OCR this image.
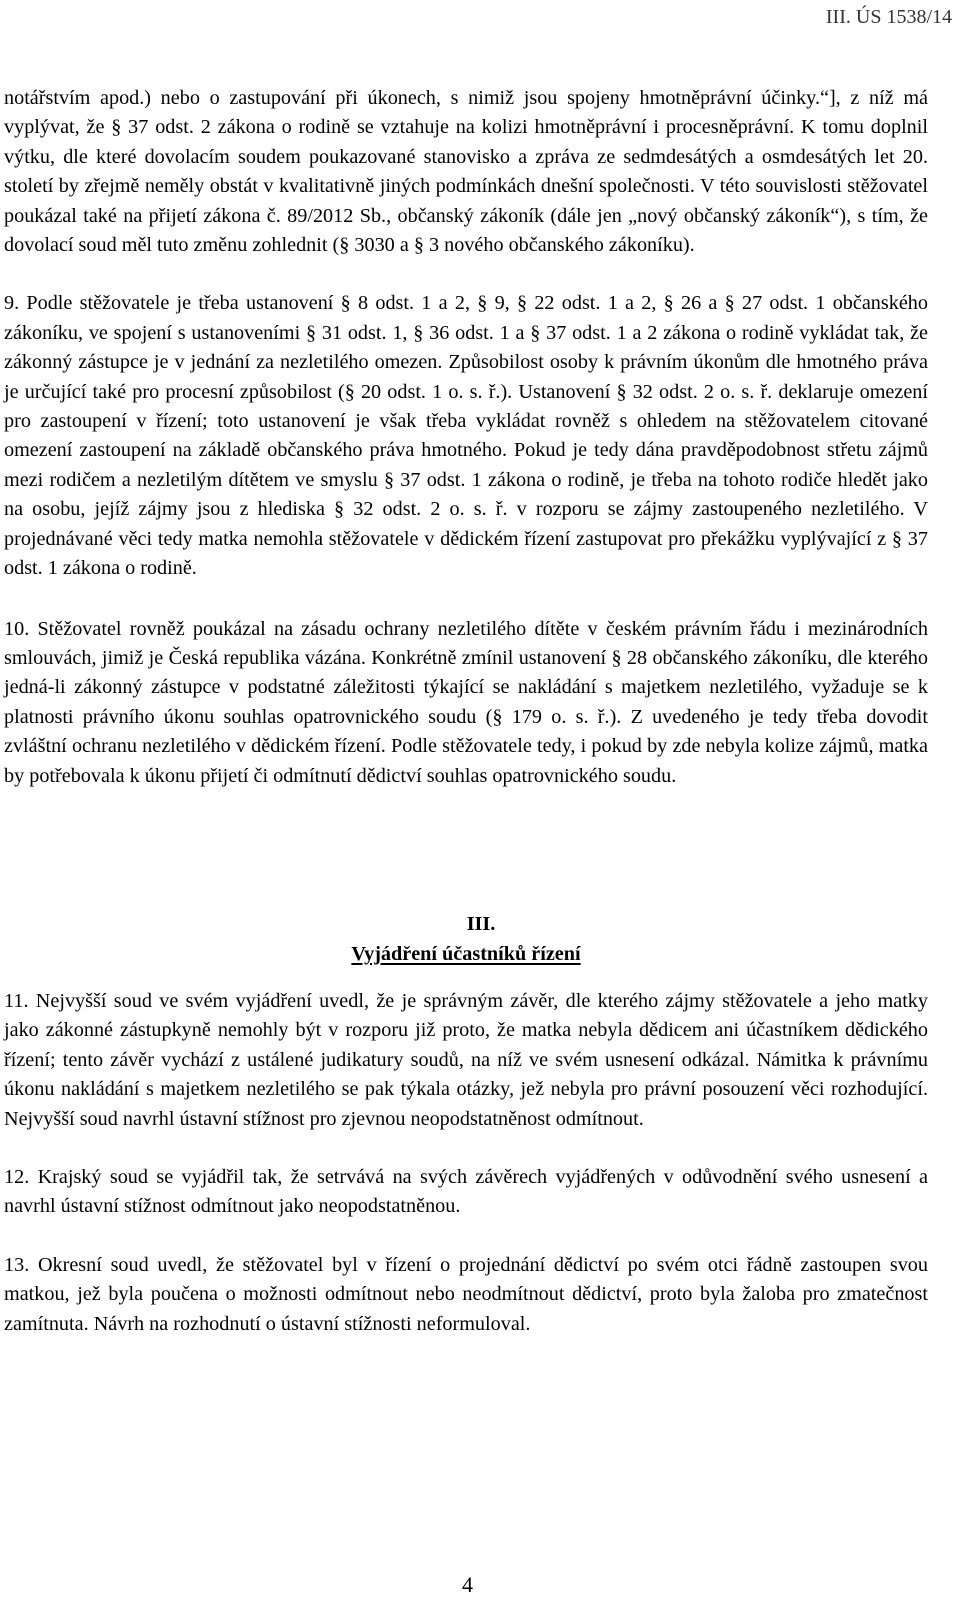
III. ÚS 1538/14

notářstvím apod.) nebo o zastupování při úkonech, s nimiž jsou spojeny hmotněprávní účinky.“], z níž má vyplývat, že § 37 odst. 2 zákona o rodině se vztahuje na kolizi hmotněprávní i procesněprávní. K tomu doplnil výtku, dle které dovolacím soudem poukazované stanovisko a zpráva ze sedmdesátých a osmdesátých let 20. století by zřejmě neměly obstát v kvalitativně jiných podmínkách dnešní společnosti. V této souvislosti stěžovatel poukázal také na přijetí zákona č. 89/2012 Sb., občanský zákoník (dále jen „nový občanský zákoník“), s tím, že dovolací soud měl tuto změnu zohlednit (§ 3030 a § 3 nového občanského zákoníku).

9. Podle stěžovatele je třeba ustanovení § 8 odst. 1 a 2, § 9, § 22 odst. 1 a 2, § 26 a § 27 odst. 1 občanského zákoníku, ve spojení s ustanoveními § 31 odst. 1, § 36 odst. 1 a § 37 odst. 1 a 2 zákona o rodině vykládat tak, že zákonný zástupce je v jednání za nezletilého omezen. Způsobilost osoby k právním úkonům dle hmotného práva je určující také pro procesní způsobilost (§ 20 odst. 1 o. s. ř.). Ustanovení § 32 odst. 2 o. s. ř. deklaruje omezení pro zastoupení v řízení; toto ustanovení je však třeba vykládat rovněž s ohledem na stěžovatelem citované omezení zastoupení na základě občanského práva hmotného. Pokud je tedy dána pravděpodobnost střetu zájmů mezi rodičem a nezletilým dítětem ve smyslu § 37 odst. 1 zákona o rodině, je třeba na tohoto rodiče hledět jako na osobu, jejíž zájmy jsou z hlediska § 32 odst. 2 o. s. ř. v rozporu se zájmy zastoupeného nezletilého. V projednávané věci tedy matka nemohla stěžovatele v dědickém řízení zastupovat pro překážku vyplývající z § 37 odst. 1 zákona o rodině.

10. Stěžovatel rovněž poukázal na zásadu ochrany nezletilého dítěte v českém právním řádu i mezinárodních smlouvách, jimiž je Česká republika vázána. Konkrétně zmínil ustanovení § 28 občanského zákoníku, dle kterého jedná-li zákonný zástupce v podstatné záležitosti týkající se nakládání s majetkem nezletilého, vyžaduje se k platnosti právního úkonu souhlas opatrovnického soudu (§ 179 o. s. ř.). Z uvedeného je tedy třeba dovodit zvláštní ochranu nezletilého v dědickém řízení. Podle stěžovatele tedy, i pokud by zde nebyla kolize zájmů, matka by potřebovala k úkonu přijetí či odmítnutí dědictví souhlas opatrovnického soudu.

III.
Vyjádření účastníků řízení

11. Nejvyšší soud ve svém vyjádření uvedl, že je správným závěr, dle kterého zájmy stěžovatele a jeho matky jako zákonné zástupkyně nemohly být v rozporu již proto, že matka nebyla dědicem ani účastníkem dědického řízení; tento závěr vychází z ustálené judikatury soudů, na níž ve svém usnesení odkázal. Námitka k právnímu úkonu nakládání s majetkem nezletilého se pak týkala otázky, jež nebyla pro právní posouzení věci rozhodující. Nejvyšší soud navrhl ústavní stížnost pro zjevnou neopodstatněnost odmítnout.

12. Krajský soud se vyjádřil tak, že setrvává na svých závěrech vyjádřených v odůvodnění svého usnesení a navrhl ústavní stížnost odmítnout jako neopodstatněnou.

13. Okresní soud uvedl, že stěžovatel byl v řízení o projednání dědictví po svém otci řádně zastoupen svou matkou, jež byla poučena o možnosti odmítnout nebo neodmítnout dědictví, proto byla žaloba pro zmatečnost zamítnuta. Návrh na rozhodnutí o ústavní stížnosti neformuloval.

4
